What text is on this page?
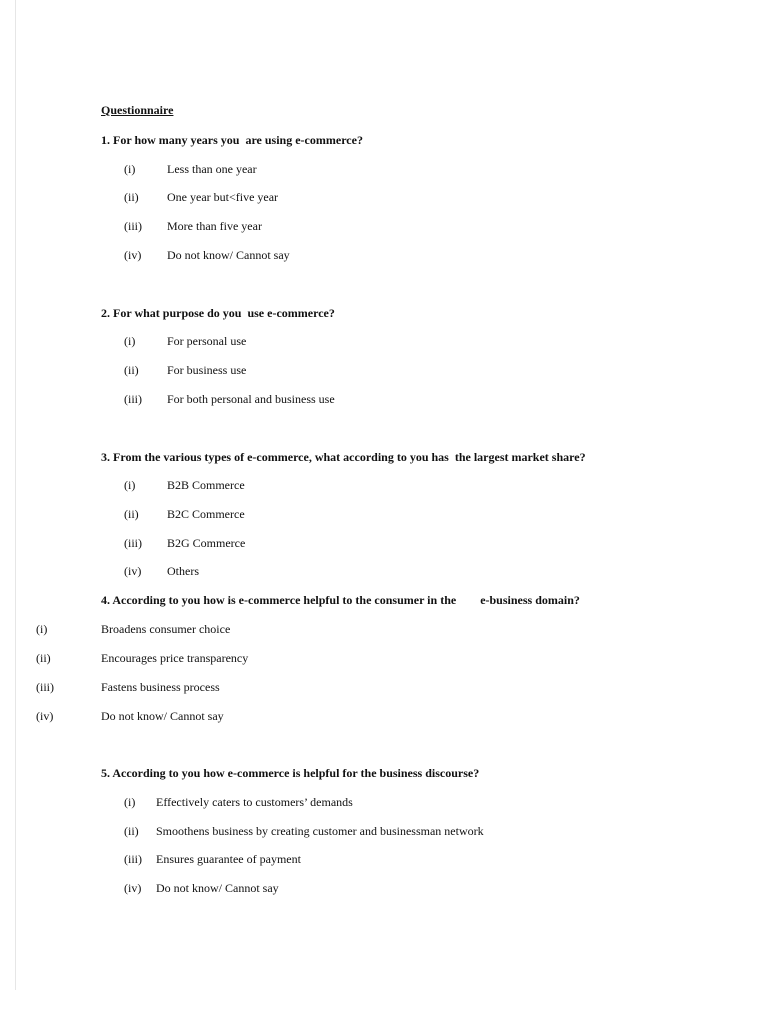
Questionnaire
1. For how many years you  are using e-commerce?
(i)	Less than one year
(ii) One year but<five year
(iii) More than five year
(iv) Do not know/ Cannot say
2. For what purpose do you  use e-commerce?
(i)	For personal use
(ii) For business use
(iii) For both personal and business use
3. From the various types of e-commerce, what according to you has  the largest market share?
(i)	B2B Commerce
(ii) B2C Commerce
(iii) B2G Commerce
(iv) Others
4. According to you how is e-commerce helpful to the consumer in the        e-business domain?
(i)	Broadens consumer choice
(ii)	Encourages price transparency
(iii)	Fastens business process
(iv)	Do not know/ Cannot say
5. According to you how e-commerce is helpful for the business discourse?
(i) Effectively caters to customers’ demands
(ii) Smoothens business by creating customer and businessman network
(iii) Ensures guarantee of payment
(iv) Do not know/ Cannot say
